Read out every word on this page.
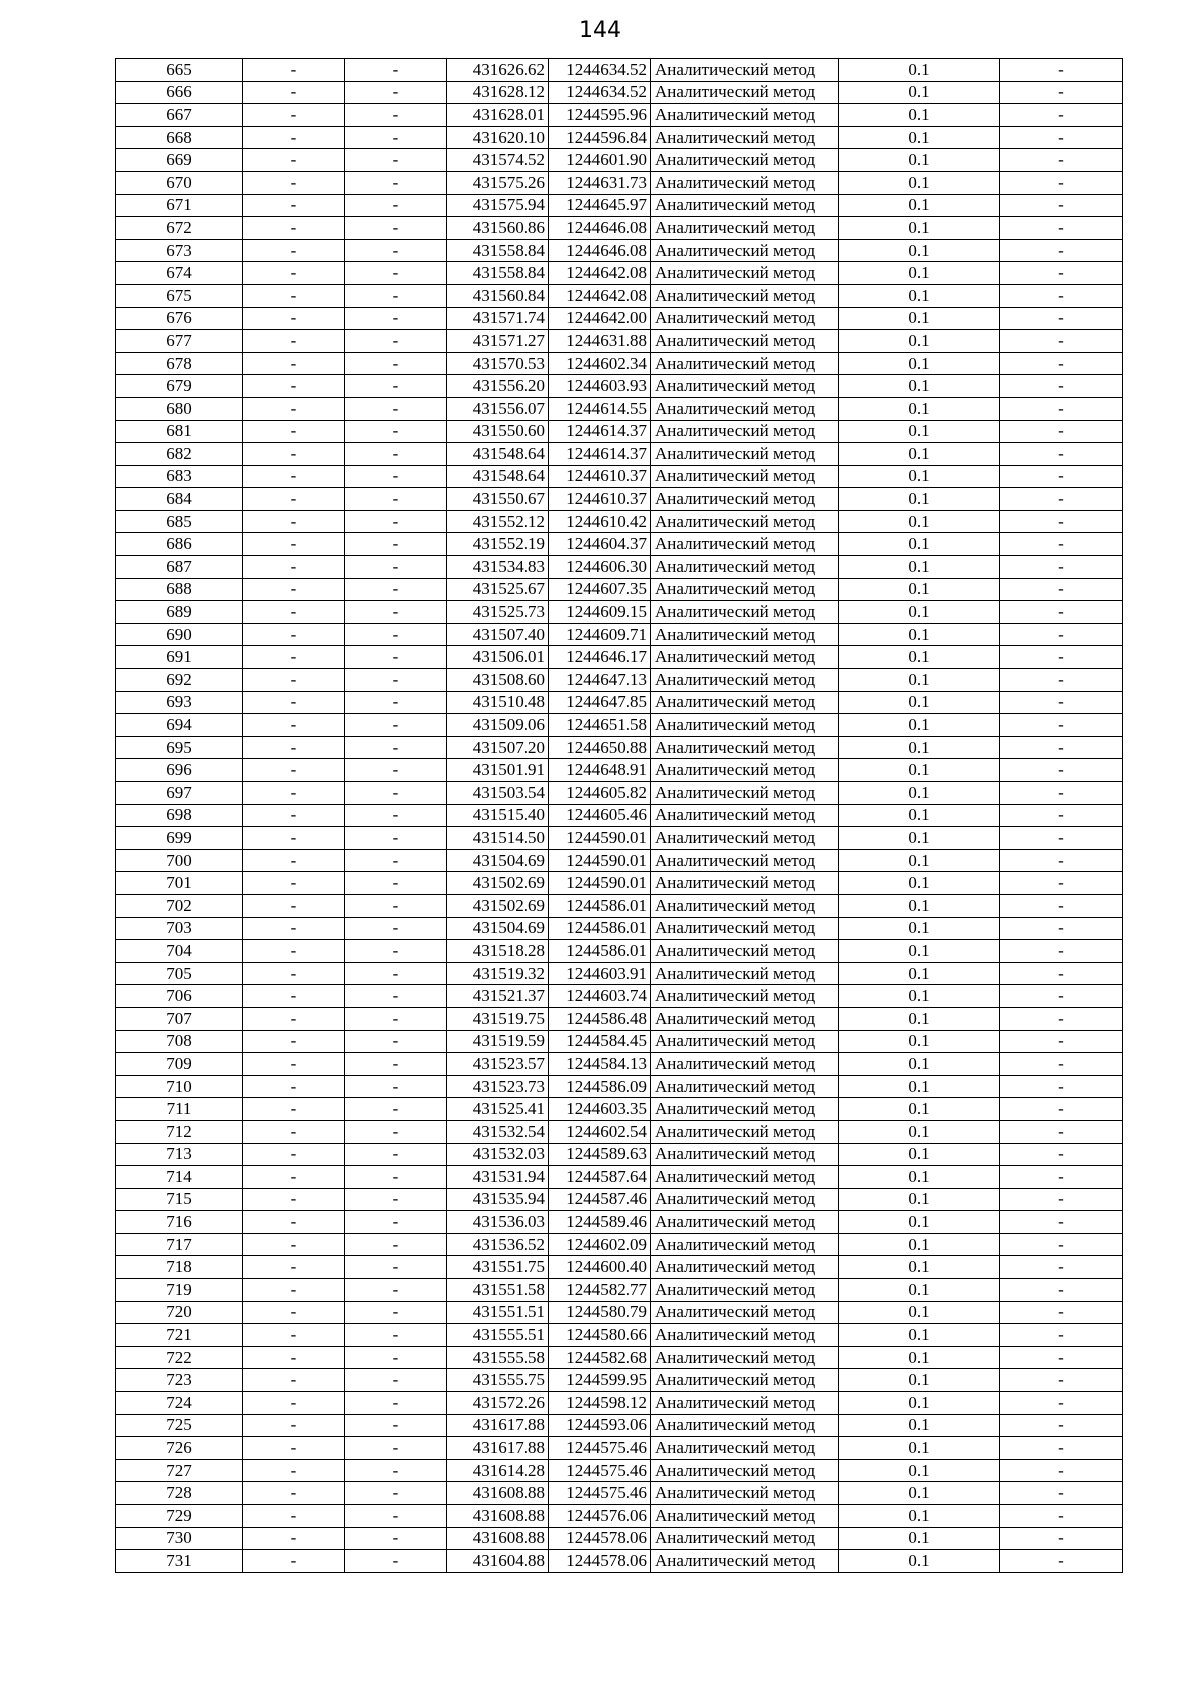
144
665	-	-	431626.62	1244634.52	Аналитический метод	0.1	-
666	-	-	431628.12	1244634.52	Аналитический метод	0.1	-
667	-	-	431628.01	1244595.96	Аналитический метод	0.1	-
668	-	-	431620.10	1244596.84	Аналитический метод	0.1	-
669	-	-	431574.52	1244601.90	Аналитический метод	0.1	-
670	-	-	431575.26	1244631.73	Аналитический метод	0.1	-
671	-	-	431575.94	1244645.97	Аналитический метод	0.1	-
672	-	-	431560.86	1244646.08	Аналитический метод	0.1	-
673	-	-	431558.84	1244646.08	Аналитический метод	0.1	-
674	-	-	431558.84	1244642.08	Аналитический метод	0.1	-
675	-	-	431560.84	1244642.08	Аналитический метод	0.1	-
676	-	-	431571.74	1244642.00	Аналитический метод	0.1	-
677	-	-	431571.27	1244631.88	Аналитический метод	0.1	-
678	-	-	431570.53	1244602.34	Аналитический метод	0.1	-
679	-	-	431556.20	1244603.93	Аналитический метод	0.1	-
680	-	-	431556.07	1244614.55	Аналитический метод	0.1	-
681	-	-	431550.60	1244614.37	Аналитический метод	0.1	-
682	-	-	431548.64	1244614.37	Аналитический метод	0.1	-
683	-	-	431548.64	1244610.37	Аналитический метод	0.1	-
684	-	-	431550.67	1244610.37	Аналитический метод	0.1	-
685	-	-	431552.12	1244610.42	Аналитический метод	0.1	-
686	-	-	431552.19	1244604.37	Аналитический метод	0.1	-
687	-	-	431534.83	1244606.30	Аналитический метод	0.1	-
688	-	-	431525.67	1244607.35	Аналитический метод	0.1	-
689	-	-	431525.73	1244609.15	Аналитический метод	0.1	-
690	-	-	431507.40	1244609.71	Аналитический метод	0.1	-
691	-	-	431506.01	1244646.17	Аналитический метод	0.1	-
692	-	-	431508.60	1244647.13	Аналитический метод	0.1	-
693	-	-	431510.48	1244647.85	Аналитический метод	0.1	-
694	-	-	431509.06	1244651.58	Аналитический метод	0.1	-
695	-	-	431507.20	1244650.88	Аналитический метод	0.1	-
696	-	-	431501.91	1244648.91	Аналитический метод	0.1	-
697	-	-	431503.54	1244605.82	Аналитический метод	0.1	-
698	-	-	431515.40	1244605.46	Аналитический метод	0.1	-
699	-	-	431514.50	1244590.01	Аналитический метод	0.1	-
700	-	-	431504.69	1244590.01	Аналитический метод	0.1	-
701	-	-	431502.69	1244590.01	Аналитический метод	0.1	-
702	-	-	431502.69	1244586.01	Аналитический метод	0.1	-
703	-	-	431504.69	1244586.01	Аналитический метод	0.1	-
704	-	-	431518.28	1244586.01	Аналитический метод	0.1	-
705	-	-	431519.32	1244603.91	Аналитический метод	0.1	-
706	-	-	431521.37	1244603.74	Аналитический метод	0.1	-
707	-	-	431519.75	1244586.48	Аналитический метод	0.1	-
708	-	-	431519.59	1244584.45	Аналитический метод	0.1	-
709	-	-	431523.57	1244584.13	Аналитический метод	0.1	-
710	-	-	431523.73	1244586.09	Аналитический метод	0.1	-
711	-	-	431525.41	1244603.35	Аналитический метод	0.1	-
712	-	-	431532.54	1244602.54	Аналитический метод	0.1	-
713	-	-	431532.03	1244589.63	Аналитический метод	0.1	-
714	-	-	431531.94	1244587.64	Аналитический метод	0.1	-
715	-	-	431535.94	1244587.46	Аналитический метод	0.1	-
716	-	-	431536.03	1244589.46	Аналитический метод	0.1	-
717	-	-	431536.52	1244602.09	Аналитический метод	0.1	-
718	-	-	431551.75	1244600.40	Аналитический метод	0.1	-
719	-	-	431551.58	1244582.77	Аналитический метод	0.1	-
720	-	-	431551.51	1244580.79	Аналитический метод	0.1	-
721	-	-	431555.51	1244580.66	Аналитический метод	0.1	-
722	-	-	431555.58	1244582.68	Аналитический метод	0.1	-
723	-	-	431555.75	1244599.95	Аналитический метод	0.1	-
724	-	-	431572.26	1244598.12	Аналитический метод	0.1	-
725	-	-	431617.88	1244593.06	Аналитический метод	0.1	-
726	-	-	431617.88	1244575.46	Аналитический метод	0.1	-
727	-	-	431614.28	1244575.46	Аналитический метод	0.1	-
728	-	-	431608.88	1244575.46	Аналитический метод	0.1	-
729	-	-	431608.88	1244576.06	Аналитический метод	0.1	-
730	-	-	431608.88	1244578.06	Аналитический метод	0.1	-
731	-	-	431604.88	1244578.06	Аналитический метод	0.1	-
